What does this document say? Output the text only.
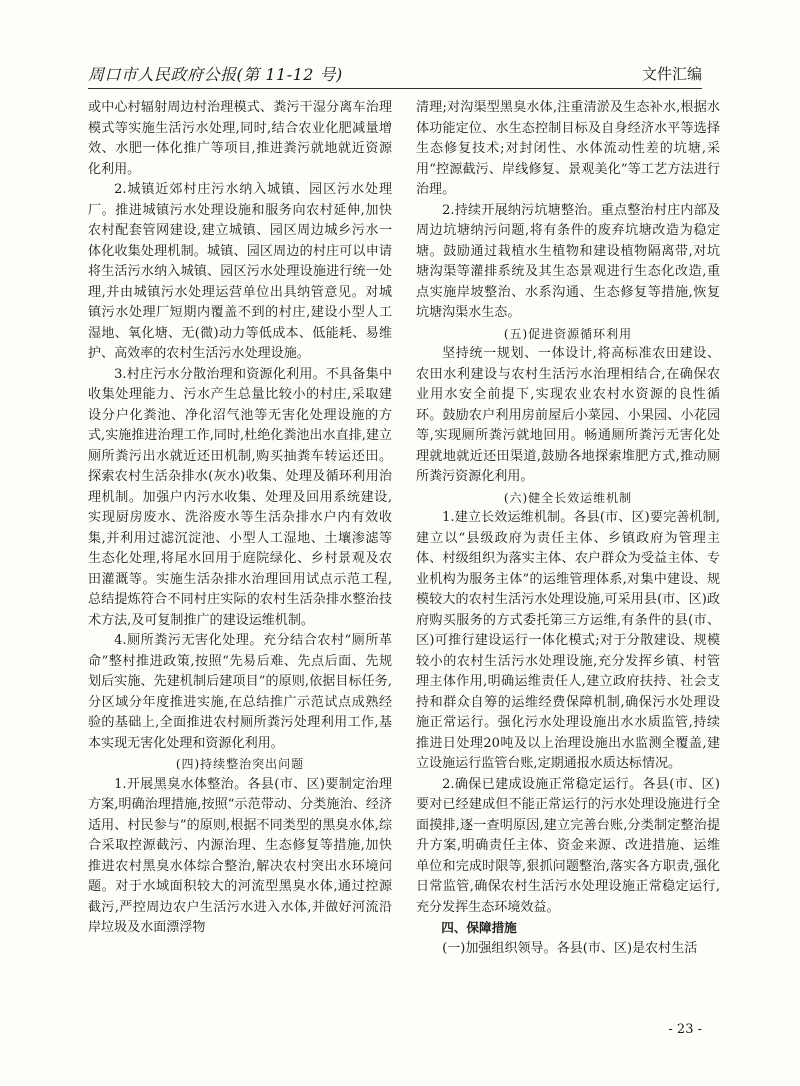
周口市人民政府公报(第 11-12 号)	文件汇编

或中心村辐射周边村治理模式、粪污干湿分离车治理模式等实施生活污水处理,同时,结合农业化肥减量增效、水肥一体化推广等项目,推进粪污就地就近资源化利用。

2.城镇近郊村庄污水纳入城镇、园区污水处理厂。推进城镇污水处理设施和服务向农村延伸,加快农村配套管网建设,建立城镇、园区周边城乡污水一体化收集处理机制。城镇、园区周边的村庄可以申请将生活污水纳入城镇、园区污水处理设施进行统一处理,并由城镇污水处理运营单位出具纳管意见。对城镇污水处理厂短期内覆盖不到的村庄,建设小型人工湿地、氧化塘、无(微)动力等低成本、低能耗、易维护、高效率的农村生活污水处理设施。

3.村庄污水分散治理和资源化利用。不具备集中收集处理能力、污水产生总量比较小的村庄,采取建设分户化粪池、净化沼气池等无害化处理设施的方式,实施推进治理工作,同时,杜绝化粪池出水直排,建立厕所粪污出水就近还田机制,购买抽粪车转运还田。探索农村生活杂排水(灰水)收集、处理及循环利用治理机制。加强户内污水收集、处理及回用系统建设,实现厨房废水、洗浴废水等生活杂排水户内有效收集,并利用过滤沉淀池、小型人工湿地、土壤渗滤等生态化处理,将尾水回用于庭院绿化、乡村景观及农田灌溉等。实施生活杂排水治理回用试点示范工程,总结提炼符合不同村庄实际的农村生活杂排水整治技术方法,及可复制推广的建设运维机制。

4.厕所粪污无害化处理。充分结合农村“厕所革命”整村推进政策,按照“先易后难、先点后面、先规划后实施、先建机制后建项目”的原则,依据目标任务,分区域分年度推进实施,在总结推广示范试点成熟经验的基础上,全面推进农村厕所粪污处理利用工作,基本实现无害化处理和资源化利用。

(四)持续整治突出问题

1.开展黑臭水体整治。各县(市、区)要制定治理方案,明确治理措施,按照“示范带动、分类施治、经济适用、村民参与”的原则,根据不同类型的黑臭水体,综合采取控源截污、内源治理、生态修复等措施,加快推进农村黑臭水体综合整治,解决农村突出水环境问题。对于水域面积较大的河流型黑臭水体,通过控源截污,严控周边农户生活污水进入水体,并做好河流沿岸垃圾及水面漂浮物

清理;对沟渠型黑臭水体,注重清淤及生态补水,根据水体功能定位、水生态控制目标及自身经济水平等选择生态修复技术;对封闭性、水体流动性差的坑塘,采用“控源截污、岸线修复、景观美化”等工艺方法进行治理。

2.持续开展纳污坑塘整治。重点整治村庄内部及周边坑塘纳污问题,将有条件的废弃坑塘改造为稳定塘。鼓励通过栽植水生植物和建设植物隔离带,对坑塘沟渠等灌排系统及其生态景观进行生态化改造,重点实施岸坡整治、水系沟通、生态修复等措施,恢复坑塘沟渠水生态。

(五)促进资源循环利用

坚持统一规划、一体设计,将高标准农田建设、农田水利建设与农村生活污水治理相结合,在确保农业用水安全前提下,实现农业农村水资源的良性循环。鼓励农户利用房前屋后小菜园、小果园、小花园等,实现厕所粪污就地回用。畅通厕所粪污无害化处理就地就近还田渠道,鼓励各地探索堆肥方式,推动厕所粪污资源化利用。

(六)健全长效运维机制

1.建立长效运维机制。各县(市、区)要完善机制,建立以“县级政府为责任主体、乡镇政府为管理主体、村级组织为落实主体、农户群众为受益主体、专业机构为服务主体”的运维管理体系,对集中建设、规模较大的农村生活污水处理设施,可采用县(市、区)政府购买服务的方式委托第三方运维,有条件的县(市、区)可推行建设运行一体化模式;对于分散建设、规模较小的农村生活污水处理设施,充分发挥乡镇、村管理主体作用,明确运维责任人,建立政府扶持、社会支持和群众自筹的运维经费保障机制,确保污水处理设施正常运行。强化污水处理设施出水水质监管,持续推进日处理20吨及以上治理设施出水监测全覆盖,建立设施运行监管台账,定期通报水质达标情况。

2.确保已建成设施正常稳定运行。各县(市、区)要对已经建成但不能正常运行的污水处理设施进行全面摸排,逐一查明原因,建立完善台账,分类制定整治提升方案,明确责任主体、资金来源、改进措施、运维单位和完成时限等,狠抓问题整治,落实各方职责,强化日常监管,确保农村生活污水处理设施正常稳定运行,充分发挥生态环境效益。

四、保障措施

(一)加强组织领导。各县(市、区)是农村生活

- 23 -
